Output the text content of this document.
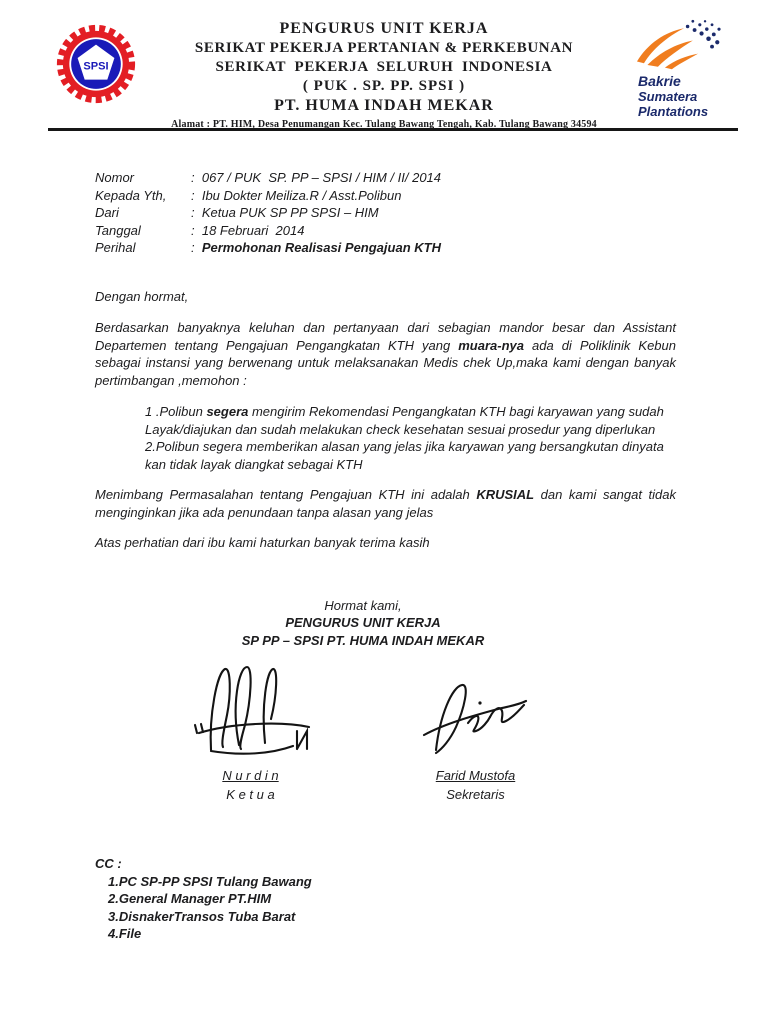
SPSI
PENGURUS UNIT KERJA
SERIKAT PEKERJA PERTANIAN & PERKEBUNAN
SERIKAT  PEKERJA  SELURUH  INDONESIA
( PUK . SP. PP. SPSI )
PT. HUMA INDAH MEKAR
Alamat : PT. HIM, Desa Penumangan Kec. Tulang Bawang Tengah, Kab. Tulang Bawang 34594
Bakrie
Sumatera
Plantations
Nomor	:  067 / PUK  SP. PP – SPSI / HIM / II/ 2014
Kepada Yth,	:  Ibu Dokter Meiliza.R / Asst.Polibun
Dari	:  Ketua PUK SP PP SPSI – HIM
Tanggal	:  18 Februari  2014
Perihal	:  Permohonan Realisasi Pengajuan KTH

Dengan hormat,

Berdasarkan banyaknya keluhan dan pertanyaan dari sebagian mandor besar dan Assistant Departemen tentang Pengajuan Pengangkatan KTH yang muara-nya ada di Poliklinik Kebun sebagai instansi yang berwenang untuk melaksanakan Medis chek Up,maka kami dengan banyak pertimbangan ,memohon :

1 .Polibun segera mengirim Rekomendasi Pengangkatan KTH bagi karyawan yang sudah Layak/diajukan dan sudah melakukan check kesehatan sesuai prosedur yang diperlukan
2.Polibun segera memberikan alasan yang jelas jika karyawan yang bersangkutan dinyata kan tidak layak diangkat sebagai KTH

Menimbang Permasalahan tentang Pengajuan KTH ini adalah KRUSIAL dan kami sangat tidak menginginkan jika ada penundaan tanpa alasan yang jelas

Atas perhatian dari ibu kami haturkan banyak terima kasih

Hormat kami,
PENGURUS UNIT KERJA
SP PP – SPSI PT. HUMA INDAH MEKAR
N u r d i n
K e t u a
Farid Mustofa
Sekretaris
CC :
1.PC SP-PP SPSI Tulang Bawang
2.General Manager PT.HIM
3.DisnakerTransos Tuba Barat
4.File
